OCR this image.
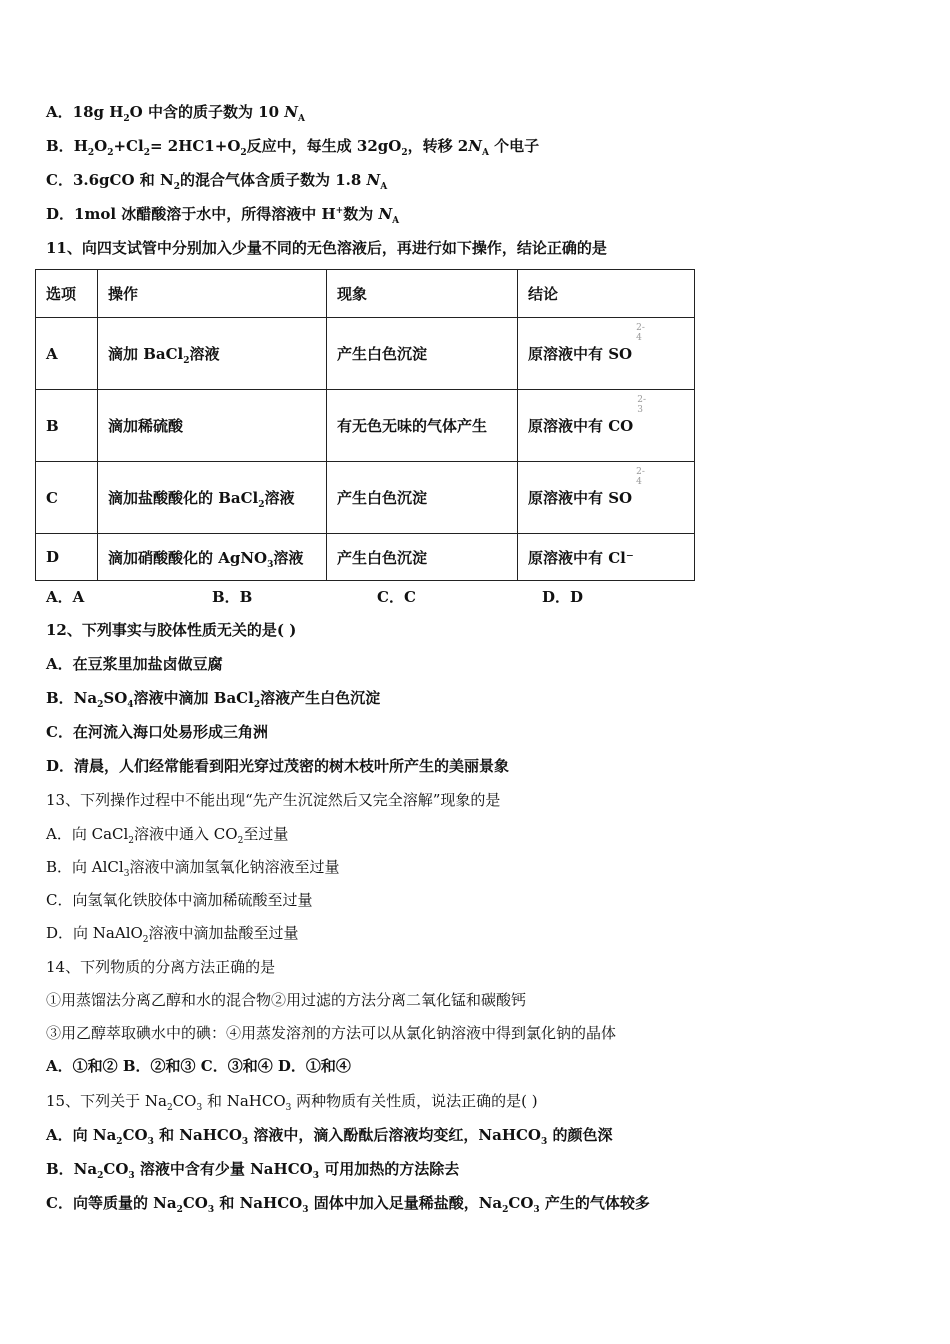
A．18g $H_2O$ 中含的质子数为 10 $N_A$
B．$H_2O_2+Cl_2= 2HC1+O_2$反应中，每生成 $32gO_2$，转移 $2N_A$ 个电子
C．3.6gCO 和 $N_2$的混合气体含质子数为 1.8 $N_A$
D．1mol 冰醋酸溶于水中，所得溶液中 H+数为 $N_A$
11、向四支试管中分别加入少量不同的无色溶液后，再进行如下操作，结论正确的是
选项	操作	现象	结论
A	滴加 BaCl$_2$溶液	产生白色沉淀	原溶液中有 SO
2-
4

B	滴加稀硫酸	有无色无味的气体产生	原溶液中有 CO
2-
3

C	滴加盐酸酸化的 BaCl$_2$溶液	产生白色沉淀	原溶液中有 SO
2-
4

D	滴加硝酸酸化的 AgNO$_3$溶液	产生白色沉淀	原溶液中有 Cl⁻
A．A	B．B	C．C	D．D
12、下列事实与胶体性质无关的是( )
A．在豆浆里加盐卤做豆腐
B．$Na_2SO_4$溶液中滴加 BaCl$_2$溶液产生白色沉淀
C．在河流入海口处易形成三角洲
D．清晨，人们经常能看到阳光穿过茂密的树木枝叶所产生的美丽景象
13、下列操作过程中不能出现“先产生沉淀然后又完全溶解”现象的是
A．向 CaCl$_2$溶液中通入 $CO_2$至过量
B．向 AlCl$_3$溶液中滴加氢氧化钠溶液至过量
C．向氢氧化铁胶体中滴加稀硫酸至过量
D．向 NaAlO$_2$溶液中滴加盐酸至过量
14、下列物质的分离方法正确的是
①用蒸馏法分离乙醇和水的混合物②用过滤的方法分离二氧化锰和碳酸钙
③用乙醇萃取碘水中的碘：④用蒸发溶剂的方法可以从氯化钠溶液中得到氯化钠的晶体
A．①和② B．②和③ C．③和④ D．①和④
15、下列关于 $Na_2CO_3$ 和 NaHCO$_3$ 两种物质有关性质，说法正确的是( )
A．向 $Na_2CO_3$ 和 NaHCO$_3$ 溶液中，滴入酚酞后溶液均变红，NaHCO$_3$ 的颜色深
B．$Na_2CO_3$ 溶液中含有少量 NaHCO$_3$ 可用加热的方法除去
C．向等质量的 $Na_2CO_3$ 和 NaHCO$_3$ 固体中加入足量稀盐酸，$Na_2CO_3$ 产生的气体较多
